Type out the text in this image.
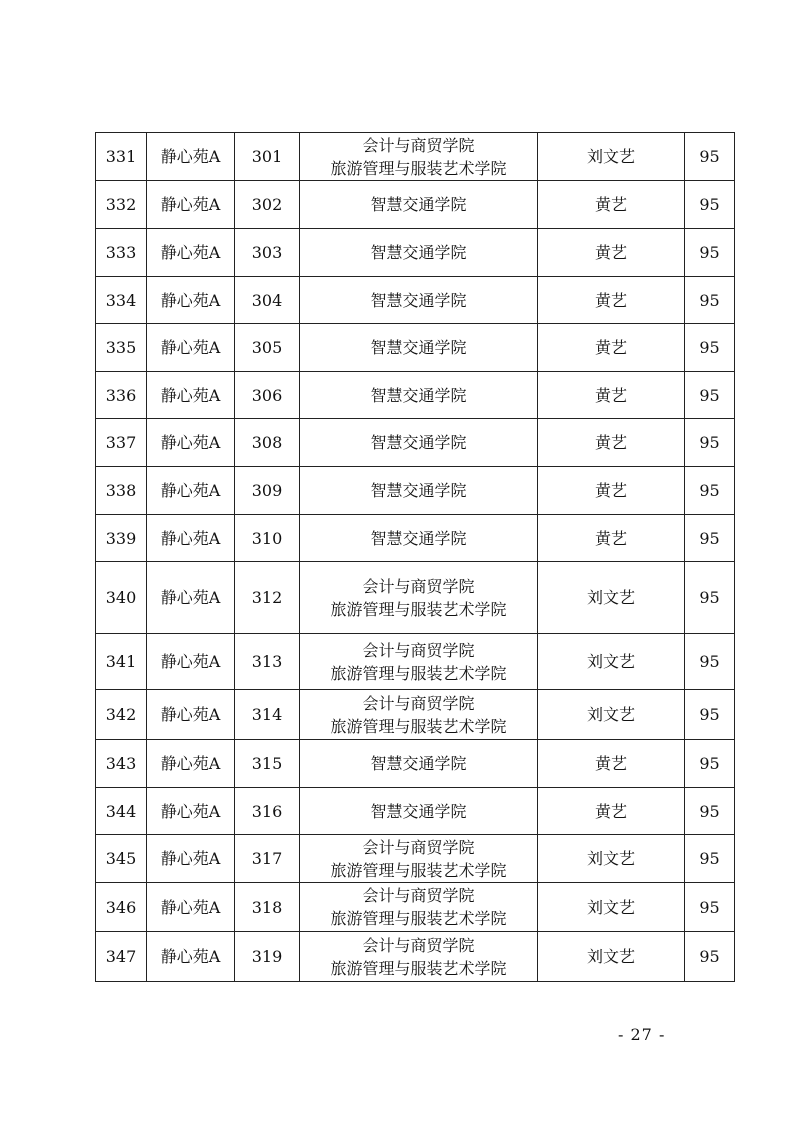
331	静心苑A	301	会计与商贸学院
旅游管理与服装艺术学院	刘文艺	95
332	静心苑A	302	智慧交通学院	黄艺	95
333	静心苑A	303	智慧交通学院	黄艺	95
334	静心苑A	304	智慧交通学院	黄艺	95
335	静心苑A	305	智慧交通学院	黄艺	95
336	静心苑A	306	智慧交通学院	黄艺	95
337	静心苑A	308	智慧交通学院	黄艺	95
338	静心苑A	309	智慧交通学院	黄艺	95
339	静心苑A	310	智慧交通学院	黄艺	95
340	静心苑A	312	会计与商贸学院
旅游管理与服装艺术学院	刘文艺	95
341	静心苑A	313	会计与商贸学院
旅游管理与服装艺术学院	刘文艺	95
342	静心苑A	314	会计与商贸学院
旅游管理与服装艺术学院	刘文艺	95
343	静心苑A	315	智慧交通学院	黄艺	95
344	静心苑A	316	智慧交通学院	黄艺	95
345	静心苑A	317	会计与商贸学院
旅游管理与服装艺术学院	刘文艺	95
346	静心苑A	318	会计与商贸学院
旅游管理与服装艺术学院	刘文艺	95
347	静心苑A	319	会计与商贸学院
旅游管理与服装艺术学院	刘文艺	95
- 27 -
